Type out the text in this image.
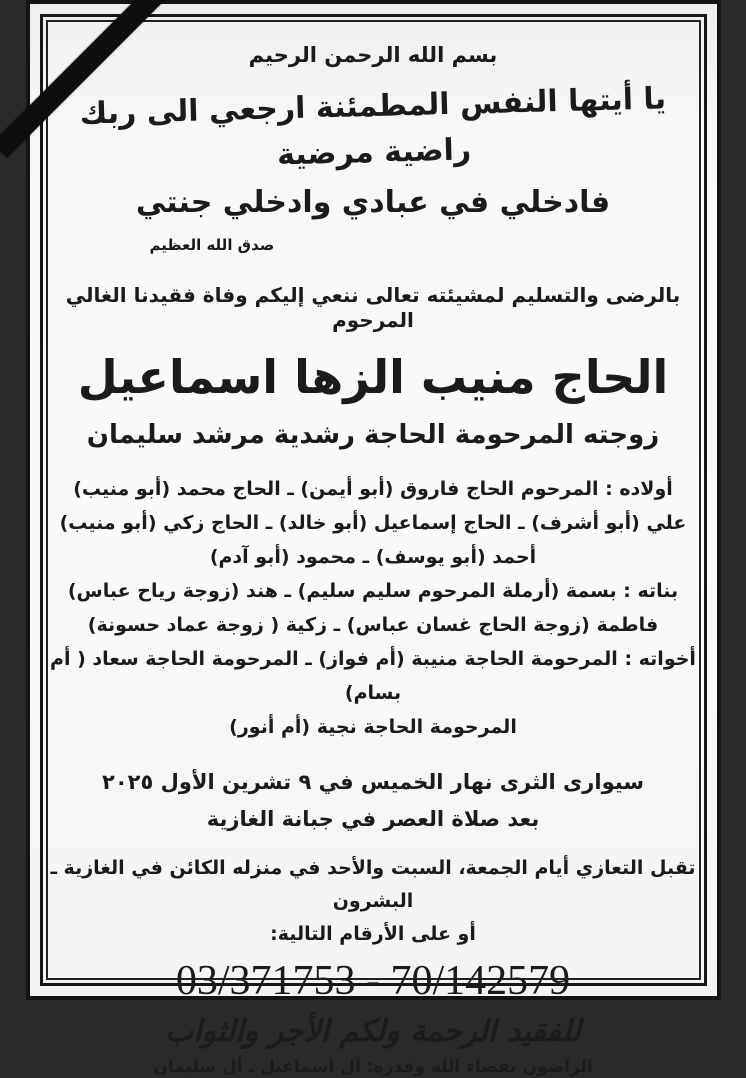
بسم الله الرحمن الرحيم
يا أيتها النفس المطمئنة ارجعي الى ربك راضية مرضية
فادخلي في عبادي وادخلي جنتي
صدق الله العظيم
بالرضى والتسليم لمشيئته تعالى ننعي إليكم وفاة فقيدنا الغالي المرحوم
الحاج منيب الزها اسماعيل
زوجته المرحومة الحاجة رشدية مرشد سليمان
أولاده : المرحوم الحاج فاروق (أبو أيمن) ـ الحاج محمد (أبو منيب)
علي (أبو أشرف) ـ الحاج إسماعيل (أبو خالد) ـ الحاج زكي (أبو منيب)
أحمد (أبو يوسف) ـ محمود (أبو آدم)
بناته : بسمة (أرملة المرحوم سليم سليم) ـ هند (زوجة رياح عباس)
فاطمة (زوجة الحاج غسان عباس) ـ زكية ( زوجة عماد حسونة)
أخواته : المرحومة الحاجة منيبة (أم فواز) ـ المرحومة الحاجة سعاد ( أم بسام)
المرحومة الحاجة نجية (أم أنور)
سيوارى الثرى نهار الخميس في ٩ تشرين الأول ٢٠٢٥
بعد صلاة العصر في جبانة الغازية
تقبل التعازي أيام الجمعة، السبت والأحد في منزله الكائن في الغازية ـ البشرون
أو على الأرقام التالية:
03/371753 - 70/142579
للفقيد الرحمة ولكم الأجر والثواب
الراضون بقضاء الله وقدره: آل اسماعيل ـ أل سليمان
